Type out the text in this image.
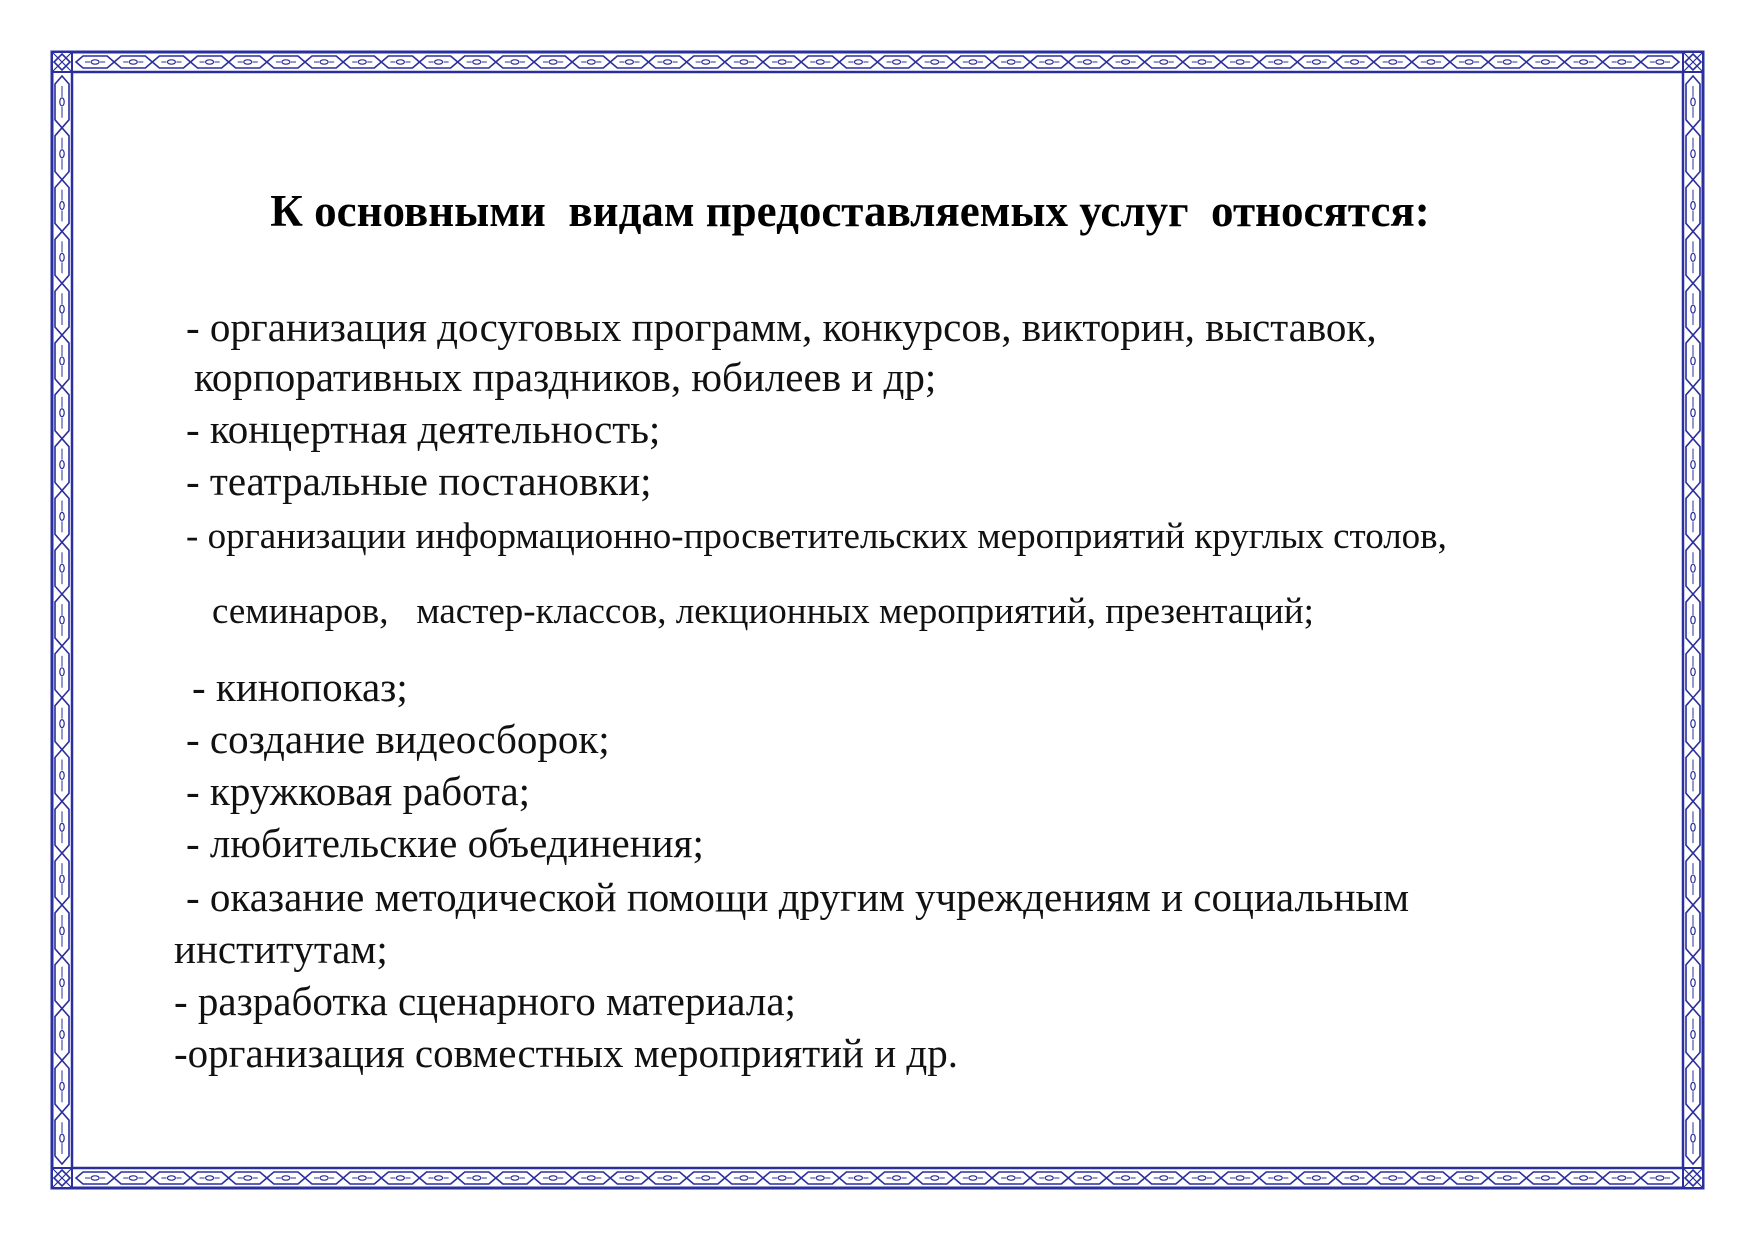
К основными  видам предоставляемых услуг  относятся:

- организация досуговых программ, конкурсов, викторин, выставок,

корпоративных праздников, юбилеев и др;

- концертная деятельность;

- театральные постановки;

- организации информационно-просветительских мероприятий круглых столов,

семинаров,   мастер-классов, лекционных мероприятий, презентаций;

- кинопоказ;

- создание видеосборок;

- кружковая работа;

- любительские объединения;

- оказание методической помощи другим учреждениям и социальным

институтам;

- разработка сценарного материала;

-организация совместных мероприятий и др.
